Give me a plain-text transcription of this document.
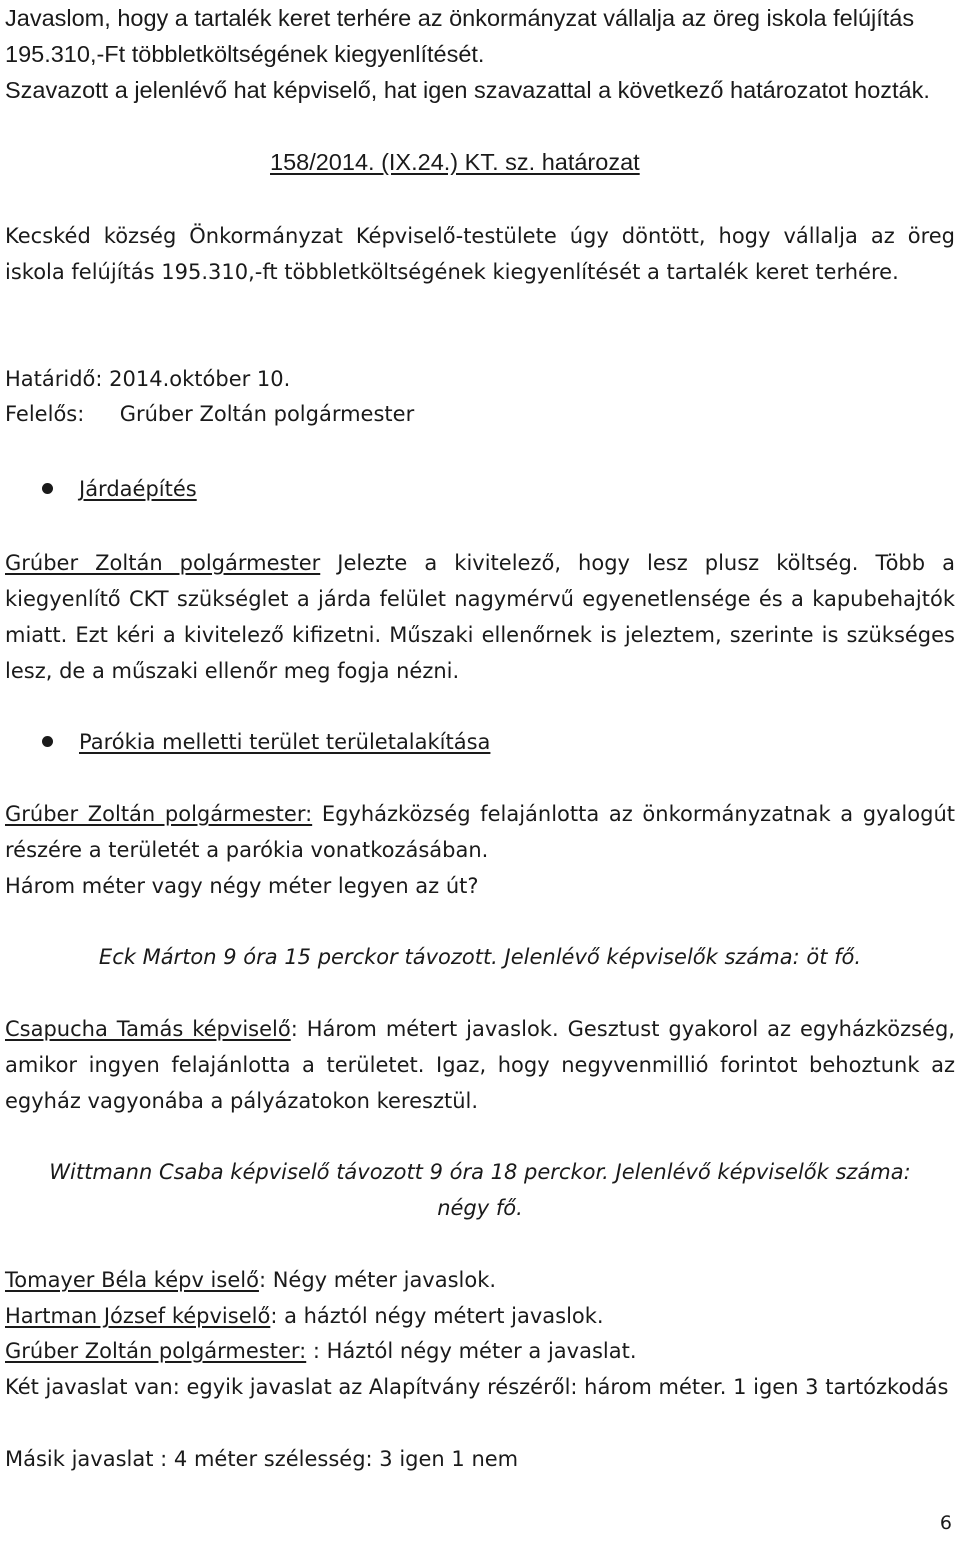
Javaslom, hogy a tartalék keret terhére az önkormányzat vállalja az öreg iskola felújítás 195.310,-Ft többletköltségének kiegyenlítését.

Szavazott a jelenlévő hat képviselő, hat igen szavazattal a következő határozatot hozták.

158/2014. (IX.24.) KT. sz. határozat

Kecskéd község Önkormányzat Képviselő-testülete úgy döntött, hogy vállalja az öreg iskola felújítás 195.310,-ft többletköltségének kiegyenlítését a tartalék keret terhére.

Határidő: 2014.október 10.

Felelős: Grúber Zoltán polgármester

Járdaépítés

Grúber Zoltán polgármester Jelezte a kivitelező, hogy lesz plusz költség. Több a kiegyenlítő CKT szükséglet a járda felület nagymérvű egyenetlensége és a kapubehajtók miatt. Ezt kéri a kivitelező kifizetni. Műszaki ellenőrnek is jeleztem, szerinte is szükséges lesz, de a műszaki ellenőr meg fogja nézni.

Parókia melletti terület területalakítása

Grúber Zoltán polgármester: Egyházközség felajánlotta az önkormányzatnak a gyalogút részére a területét a parókia vonatkozásában.

Három méter vagy négy méter legyen az út?

Eck Márton 9 óra 15 perckor távozott. Jelenlévő képviselők száma: öt fő.

Csapucha Tamás képviselő: Három métert javaslok. Gesztust gyakorol az egyházközség, amikor ingyen felajánlotta a területet. Igaz, hogy negyvenmillió forintot behoztunk az egyház vagyonába a pályázatokon keresztül.

Wittmann Csaba képviselő távozott 9 óra 18 perckor. Jelenlévő képviselők száma: négy fő.

Tomayer Béla képv iselő: Négy méter javaslok.

Hartman József képviselő: a háztól négy métert javaslok.

Grúber Zoltán polgármester: : Háztól négy méter a javaslat.

Két javaslat van: egyik javaslat az Alapítvány részéről: három méter. 1 igen 3 tartózkodás

Másik javaslat : 4 méter szélesség: 3 igen 1 nem

6
